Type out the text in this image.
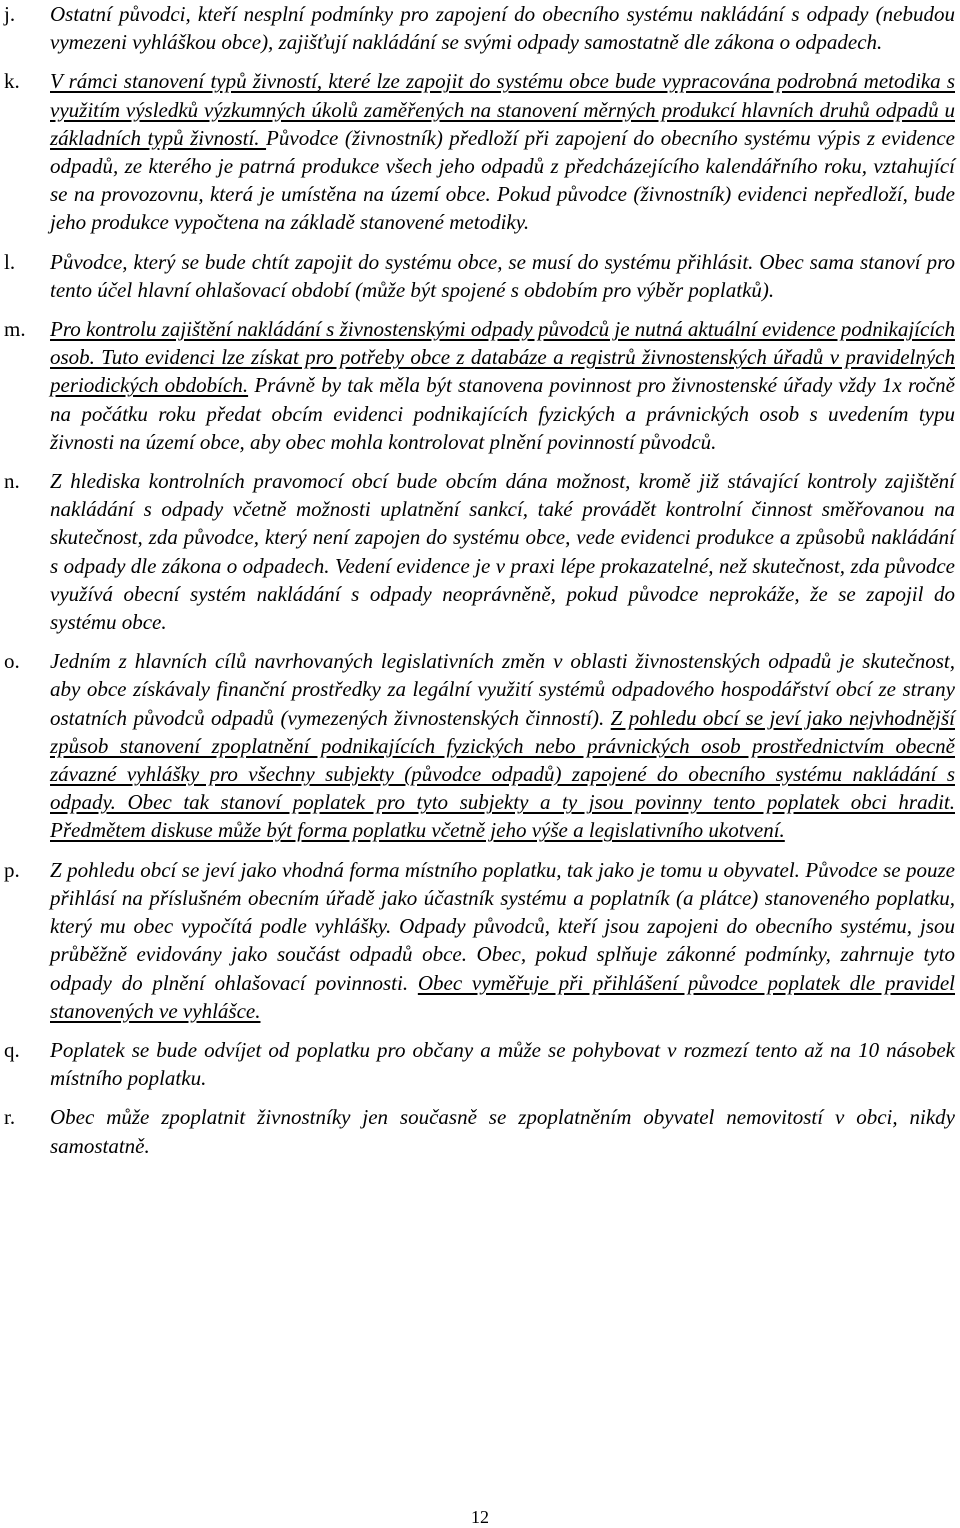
j.	Ostatní původci, kteří nesplní podmínky pro zapojení do obecního systému nakládání s odpady (nebudou vymezeni vyhláškou obce), zajišťují nakládání se svými odpady samostatně dle zákona o odpadech.
k.	V rámci stanovení typů živností, které lze zapojit do systému obce bude vypracována podrobná metodika s využitím výsledků výzkumných úkolů zaměřených na stanovení měrných produkcí hlavních druhů odpadů u základních typů živností. Původce (živnostník) předloží při zapojení do obecního systému výpis z evidence odpadů, ze kterého je patrná produkce všech jeho odpadů z předcházejícího kalendářního roku, vztahující se na provozovnu, která je umístěna na území obce. Pokud původce (živnostník) evidenci nepředloží, bude jeho produkce vypočtena na základě stanovené metodiky.
l.	Původce, který se bude chtít zapojit do systému obce, se musí do systému přihlásit. Obec sama stanoví pro tento účel hlavní ohlašovací období (může být spojené s obdobím pro výběr poplatků).
m.	Pro kontrolu zajištění nakládání s živnostenskými odpady původců je nutná aktuální evidence podnikajících osob. Tuto evidenci lze získat pro potřeby obce z databáze a registrů živnostenských úřadů v pravidelných periodických obdobích. Právně by tak měla být stanovena povinnost pro živnostenské úřady vždy 1x ročně na počátku roku předat obcím evidenci podnikajících fyzických a právnických osob s uvedením typu živnosti na území obce, aby obec mohla kontrolovat plnění povinností původců.
n.	Z hlediska kontrolních pravomocí obcí bude obcím dána možnost, kromě již stávající kontroly zajištění nakládání s odpady včetně možnosti uplatnění sankcí, také provádět kontrolní činnost směřovanou na skutečnost, zda původce, který není zapojen do systému obce, vede evidenci produkce a způsobů nakládání s odpady dle zákona o odpadech. Vedení evidence je v praxi lépe prokazatelné, než skutečnost, zda původce využívá obecní systém nakládání s odpady neoprávněně, pokud původce neprokáže, že se zapojil do systému obce.
o.	Jedním z hlavních cílů navrhovaných legislativních změn v oblasti živnostenských odpadů je skutečnost, aby obce získávaly finanční prostředky za legální využití systémů odpadového hospodářství obcí ze strany ostatních původců odpadů (vymezených živnostenských činností). Z pohledu obcí se jeví jako nejvhodnější způsob stanovení zpoplatnění podnikajících fyzických nebo právnických osob prostřednictvím obecně závazné vyhlášky pro všechny subjekty (původce odpadů) zapojené do obecního systému nakládání s odpady. Obec tak stanoví poplatek pro tyto subjekty a ty jsou povinny tento poplatek obci hradit. Předmětem diskuse může být forma poplatku včetně jeho výše a legislativního ukotvení.
p.	Z pohledu obcí se jeví jako vhodná forma místního poplatku, tak jako je tomu u obyvatel. Původce se pouze přihlásí na příslušném obecním úřadě jako účastník systému a poplatník (a plátce) stanoveného poplatku, který mu obec vypočítá podle vyhlášky. Odpady původců, kteří jsou zapojeni do obecního systému, jsou průběžně evidovány jako součást odpadů obce. Obec, pokud splňuje zákonné podmínky, zahrnuje tyto odpady do plnění ohlašovací povinnosti. Obec vyměřuje při přihlášení původce poplatek dle pravidel stanovených ve vyhlášce.
q.	Poplatek se bude odvíjet od poplatku pro občany a může se pohybovat v rozmezí tento až na 10 násobek místního poplatku.
r.	Obec může zpoplatnit živnostníky jen současně se zpoplatněním obyvatel nemovitostí v obci, nikdy samostatně.
12
